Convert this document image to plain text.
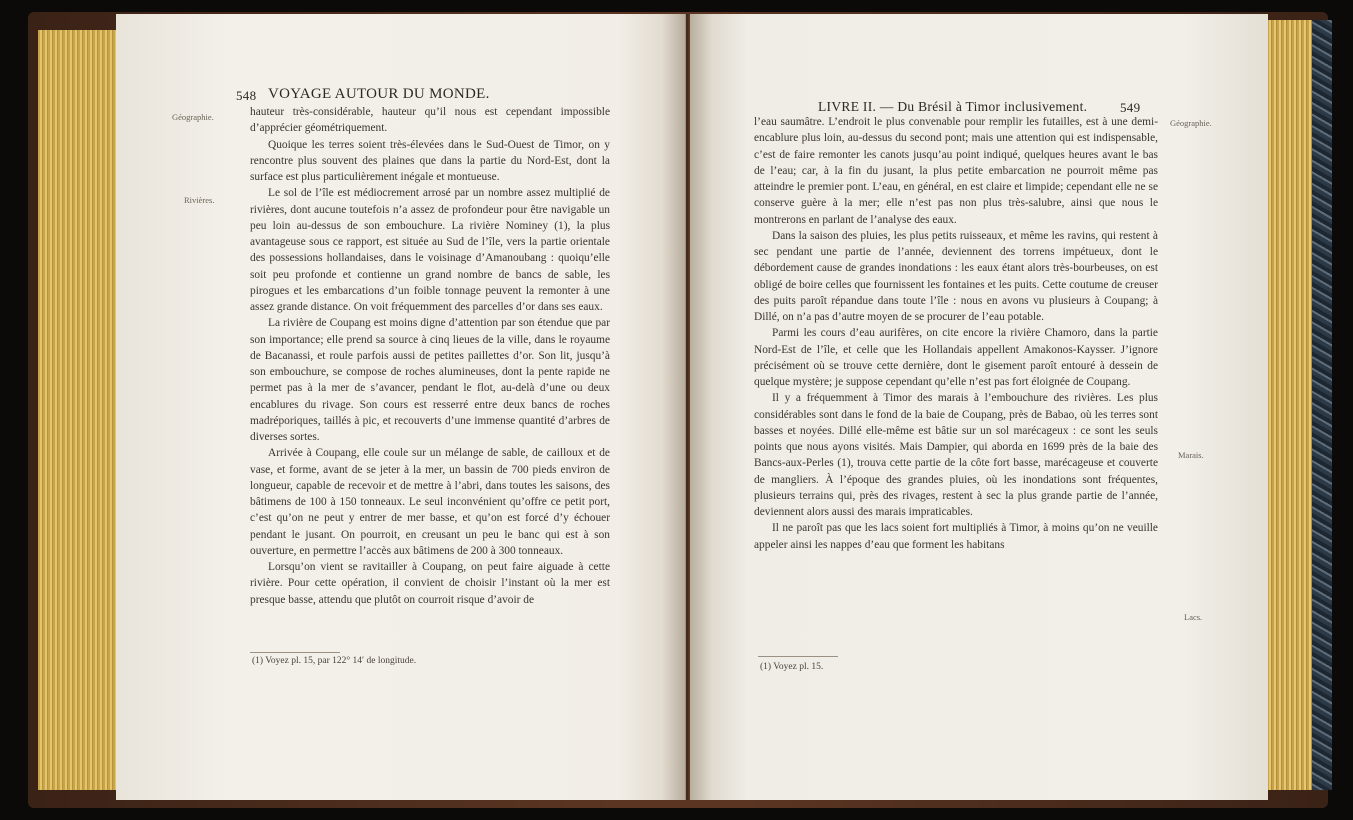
548 VOYAGE AUTOUR DU MONDE.
Géographie.
Rivières.

hauteur très-considérable, hauteur qu’il nous est cependant impossible d’apprécier géométriquement.

Quoique les terres soient très-élevées dans le Sud-Ouest de Timor, on y rencontre plus souvent des plaines que dans la partie du Nord-Est, dont la surface est plus particulièrement inégale et montueuse.

Le sol de l’île est médiocrement arrosé par un nombre assez multiplié de rivières, dont aucune toutefois n’a assez de profondeur pour être navigable un peu loin au-dessus de son embouchure. La rivière Nominey (1), la plus avantageuse sous ce rapport, est située au Sud de l’île, vers la partie orientale des possessions hollandaises, dans le voisinage d’Amanoubang : quoiqu’elle soit peu profonde et contienne un grand nombre de bancs de sable, les pirogues et les embarcations d’un foible tonnage peuvent la remonter à une assez grande distance. On voit fréquemment des parcelles d’or dans ses eaux.

La rivière de Coupang est moins digne d’attention par son étendue que par son importance; elle prend sa source à cinq lieues de la ville, dans le royaume de Bacanassi, et roule parfois aussi de petites paillettes d’or. Son lit, jusqu’à son embouchure, se compose de roches alumineuses, dont la pente rapide ne permet pas à la mer de s’avancer, pendant le flot, au-delà d’une ou deux encablures du rivage. Son cours est resserré entre deux bancs de roches madréporiques, taillés à pic, et recouverts d’une immense quantité d’arbres de diverses sortes.

Arrivée à Coupang, elle coule sur un mélange de sable, de cailloux et de vase, et forme, avant de se jeter à la mer, un bassin de 700 pieds environ de longueur, capable de recevoir et de mettre à l’abri, dans toutes les saisons, des bâtimens de 100 à 150 tonneaux. Le seul inconvénient qu’offre ce petit port, c’est qu’on ne peut y entrer de mer basse, et qu’on est forcé d’y échouer pendant le jusant. On pourroit, en creusant un peu le banc qui est à son ouverture, en permettre l’accès aux bâtimens de 200 à 300 tonneaux.

Lorsqu’on vient se ravitailler à Coupang, on peut faire aiguade à cette rivière. Pour cette opération, il convient de choisir l’instant où la mer est presque basse, attendu que plutôt on courroit risque d’avoir de

(1) Voyez pl. 15, par 122° 14′ de longitude.
LIVRE II. — Du Brésil à Timor inclusivement.	549
Géographie.
Marais.
Lacs.

l’eau saumâtre. L’endroit le plus convenable pour remplir les futailles, est à une demi-encablure plus loin, au-dessus du second pont; mais une attention qui est indispensable, c’est de faire remonter les canots jusqu’au point indiqué, quelques heures avant le bas de l’eau; car, à la fin du jusant, la plus petite embarcation ne pourroit même pas atteindre le premier pont. L’eau, en général, en est claire et limpide; cependant elle ne se conserve guère à la mer; elle n’est pas non plus très-salubre, ainsi que nous le montrerons en parlant de l’analyse des eaux.

Dans la saison des pluies, les plus petits ruisseaux, et même les ravins, qui restent à sec pendant une partie de l’année, deviennent des torrens impétueux, dont le débordement cause de grandes inondations : les eaux étant alors très-bourbeuses, on est obligé de boire celles que fournissent les fontaines et les puits. Cette coutume de creuser des puits paroît répandue dans toute l’île : nous en avons vu plusieurs à Coupang; à Dillé, on n’a pas d’autre moyen de se procurer de l’eau potable.

Parmi les cours d’eau aurifères, on cite encore la rivière Chamoro, dans la partie Nord-Est de l’île, et celle que les Hollandais appellent Amakonos-Kaysser. J’ignore précisément où se trouve cette dernière, dont le gisement paroît entouré à dessein de quelque mystère; je suppose cependant qu’elle n’est pas fort éloignée de Coupang.

Il y a fréquemment à Timor des marais à l’embouchure des rivières. Les plus considérables sont dans le fond de la baie de Coupang, près de Babao, où les terres sont basses et noyées. Dillé elle-même est bâtie sur un sol marécageux : ce sont les seuls points que nous ayons visités. Mais Dampier, qui aborda en 1699 près de la baie des Bancs-aux-Perles (1), trouva cette partie de la côte fort basse, marécageuse et couverte de mangliers. À l’époque des grandes pluies, où les inondations sont fréquentes, plusieurs terrains qui, près des rivages, restent à sec la plus grande partie de l’année, deviennent alors aussi des marais impraticables.

Il ne paroît pas que les lacs soient fort multipliés à Timor, à moins qu’on ne veuille appeler ainsi les nappes d’eau que forment les habitans

(1) Voyez pl. 15.
